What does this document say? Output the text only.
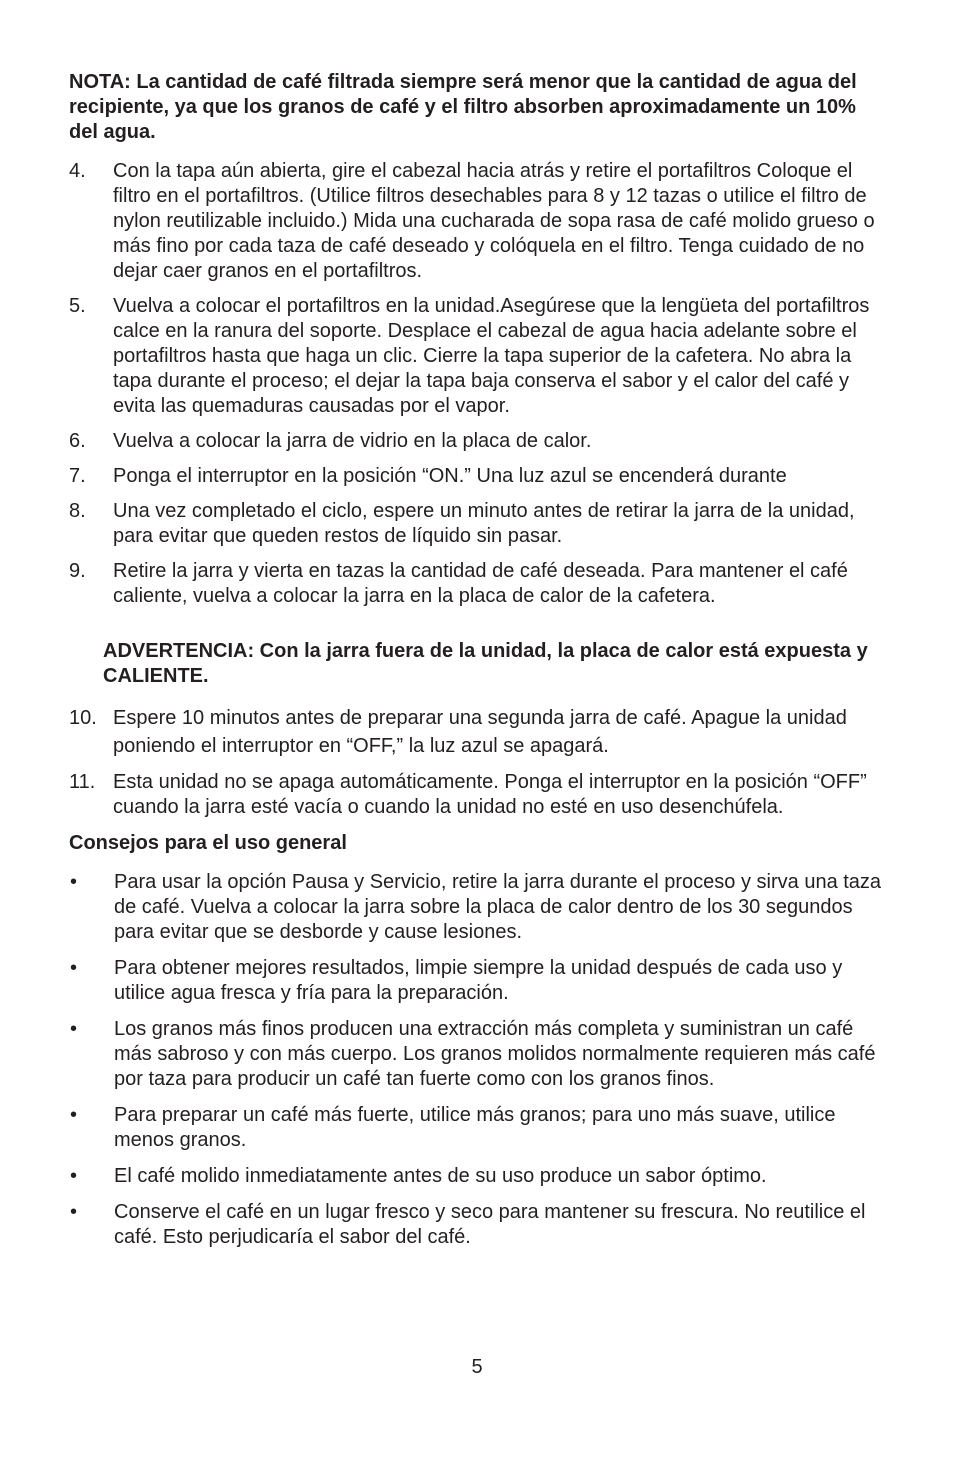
NOTA: La cantidad de café filtrada siempre será menor que la cantidad de agua del recipiente, ya que los granos de café y el filtro absorben aproximadamente un 10% del agua.

4.	Con la tapa aún abierta, gire el cabezal hacia atrás y retire el portafiltros Coloque el filtro en el portafiltros. (Utilice filtros desechables para 8 y 12 tazas o utilice el filtro de nylon reutilizable incluido.) Mida una cucharada de sopa rasa de café molido grueso o más fino por cada taza de café deseado y colóquela en el filtro. Tenga cuidado de no dejar caer granos en el portafiltros.
5.	Vuelva a colocar el portafiltros en la unidad.Asegúrese que la lengüeta del portafiltros calce en la ranura del soporte. Desplace el cabezal de agua hacia adelante sobre el portafiltros hasta que haga un clic. Cierre la tapa superior de la cafetera. No abra la tapa durante el proceso; el dejar la tapa baja conserva el sabor y el calor del café y evita las quemaduras causadas por el vapor.
6.	Vuelva a colocar la jarra de vidrio en la placa de calor.
7.	Ponga el interruptor en la posición “ON.” Una luz azul se encenderá durante
8.	Una vez completado el ciclo, espere un minuto antes de retirar la jarra de la unidad, para evitar que queden restos de líquido sin pasar.
9.	Retire la jarra y vierta en tazas la cantidad de café deseada. Para mantener el café caliente, vuelva a colocar la jarra en la placa de calor de la cafetera.

ADVERTENCIA: Con la jarra fuera de la unidad, la placa de calor está expuesta y CALIENTE.

10. Espere 10 minutos antes de preparar una segunda jarra de café. Apague la unidad poniendo el interruptor en “OFF,” la luz azul se apagará.
11. Esta unidad no se apaga automáticamente. Ponga el interruptor en la posición “OFF” cuando la jarra esté vacía o cuando la unidad no esté en uso desenchúfela.

Consejos para el uso general

•	Para usar la opción Pausa y Servicio, retire la jarra durante el proceso y sirva una taza de café. Vuelva a colocar la jarra sobre la placa de calor dentro de los 30 segundos para evitar que se desborde y cause lesiones.
•	Para obtener mejores resultados, limpie siempre la unidad después de cada uso y utilice agua fresca y fría para la preparación.
•	Los granos más finos producen una extracción más completa y suministran un café más sabroso y con más cuerpo. Los granos molidos normalmente requieren más café por taza para producir un café tan fuerte como con los granos finos.
•	Para preparar un café más fuerte, utilice más granos; para uno más suave, utilice menos granos.
•	El café molido inmediatamente antes de su uso produce un sabor óptimo.
•	Conserve el café en un lugar fresco y seco para mantener su frescura. No reutilice el café. Esto perjudicaría el sabor del café.
5
